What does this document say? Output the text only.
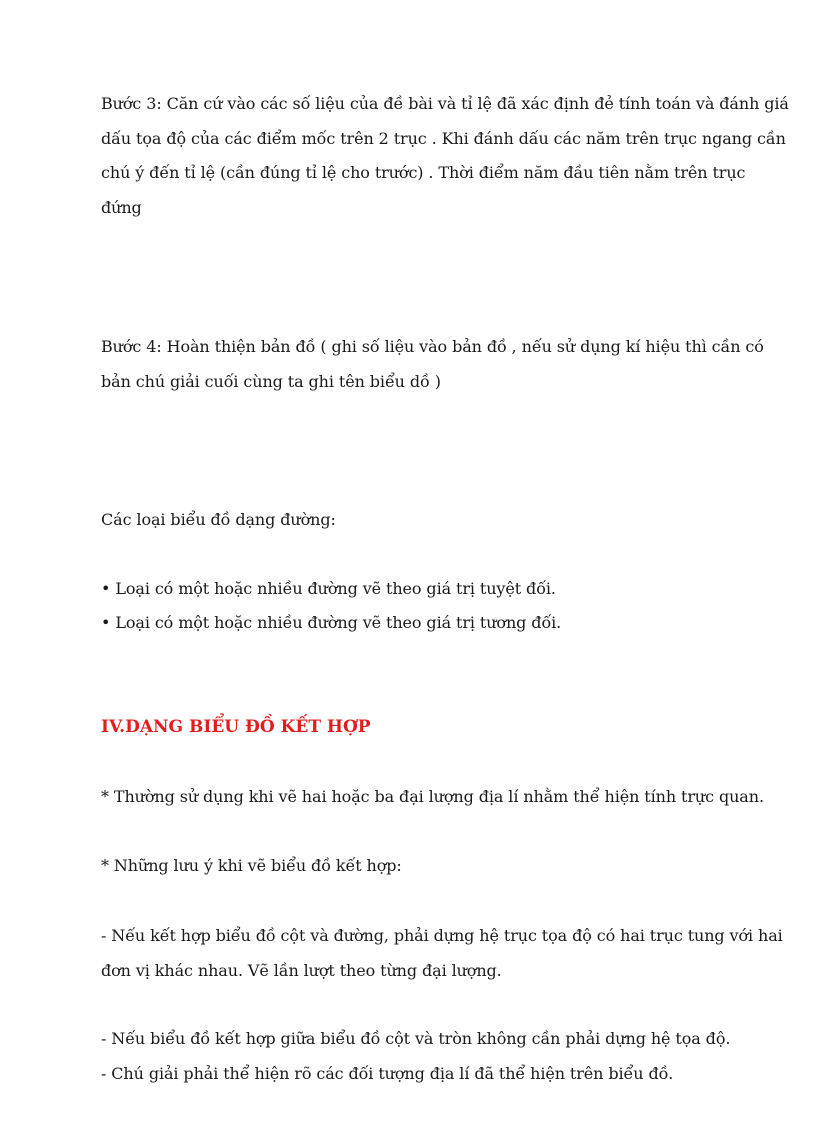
Bước 3: Căn cứ vào các số liệu của đề bài và tỉ lệ đã xác định đẻ tính toán và đánh giá dấu tọa độ của các điểm mốc trên 2 trục . Khi đánh dấu các năm trên trục ngang cần chú ý đến tỉ lệ (cần đúng tỉ lệ cho trước) . Thời điểm năm đầu tiên nằm trên trục đứng

Bước 4: Hoàn thiện bản đồ ( ghi số liệu vào bản đồ , nếu sử dụng kí hiệu thì cần có bản chú giải cuối cùng ta ghi tên biểu dồ )

Các loại biểu đồ dạng đường:

• Loại có một hoặc nhiều đường vẽ theo giá trị tuyệt đối.

• Loại có một hoặc nhiều đường vẽ theo giá trị tương đối.

IV.DẠNG BIỂU ĐỒ KẾT HỢP

* Thường sử dụng khi vẽ hai hoặc ba đại lượng địa lí nhằm thể hiện tính trực quan.

* Những lưu ý khi vẽ biểu đồ kết hợp:

- Nếu kết hợp biểu đồ cột và đường, phải dựng hệ trục tọa độ có hai trục tung với hai đơn vị khác nhau. Vẽ lần lượt theo từng đại lượng.

- Nếu biểu đồ kết hợp giữa biểu đồ cột và tròn không cần phải dựng hệ tọa độ.

- Chú giải phải thể hiện rõ các đối tượng địa lí đã thể hiện trên biểu đồ.
